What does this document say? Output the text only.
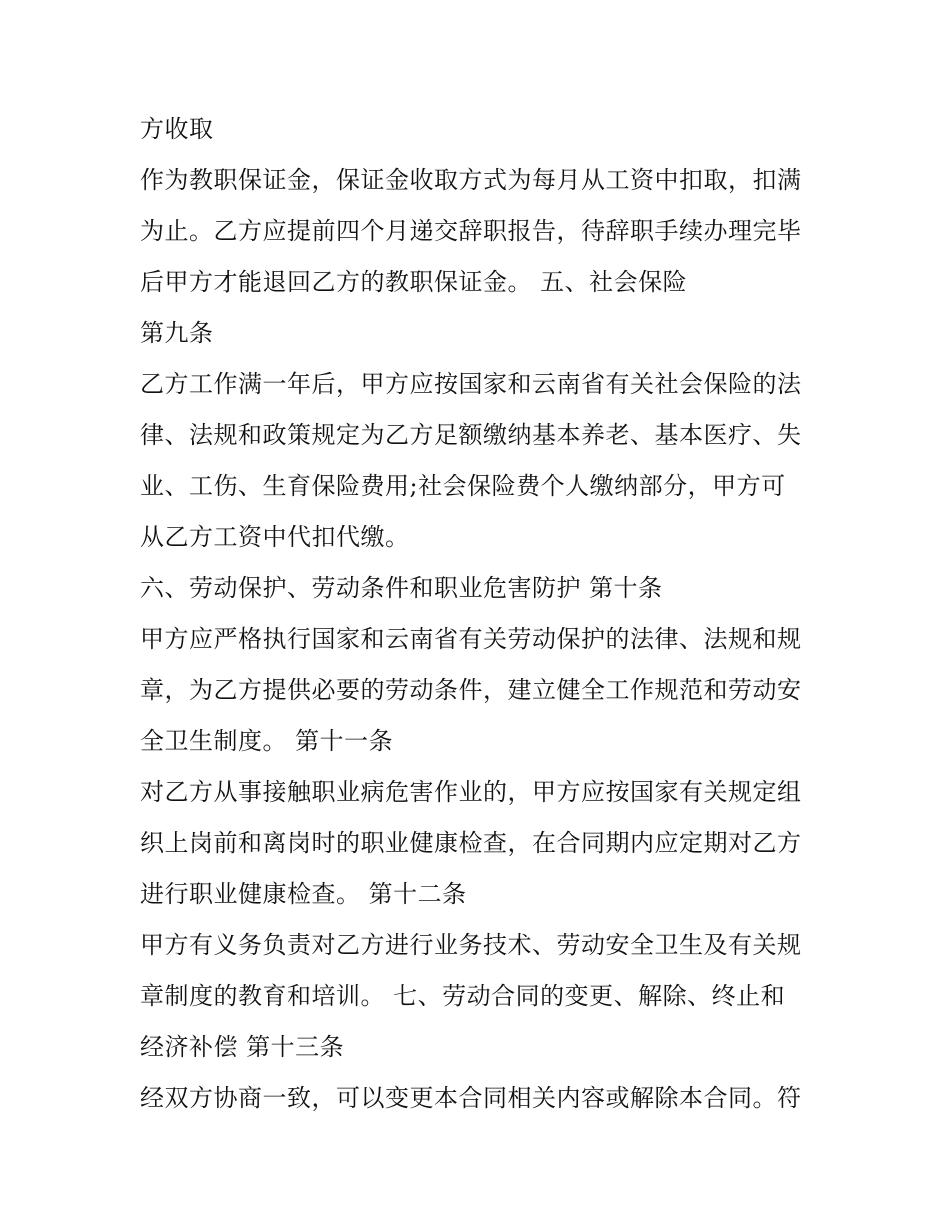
方收取
作为教职保证金，保证金收取方式为每月从工资中扣取，扣满
为止。乙方应提前四个月递交辞职报告，待辞职手续办理完毕
后甲方才能退回乙方的教职保证金。 五、社会保险
第九条
乙方工作满一年后，甲方应按国家和云南省有关社会保险的法
律、法规和政策规定为乙方足额缴纳基本养老、基本医疗、失
业、工伤、生育保险费用;社会保险费个人缴纳部分，甲方可
从乙方工资中代扣代缴。
六、劳动保护、劳动条件和职业危害防护 第十条
甲方应严格执行国家和云南省有关劳动保护的法律、法规和规
章，为乙方提供必要的劳动条件，建立健全工作规范和劳动安
全卫生制度。 第十一条
对乙方从事接触职业病危害作业的，甲方应按国家有关规定组
织上岗前和离岗时的职业健康检查，在合同期内应定期对乙方
进行职业健康检查。 第十二条
甲方有义务负责对乙方进行业务技术、劳动安全卫生及有关规
章制度的教育和培训。 七、劳动合同的变更、解除、终止和
经济补偿 第十三条
经双方协商一致，可以变更本合同相关内容或解除本合同。符
